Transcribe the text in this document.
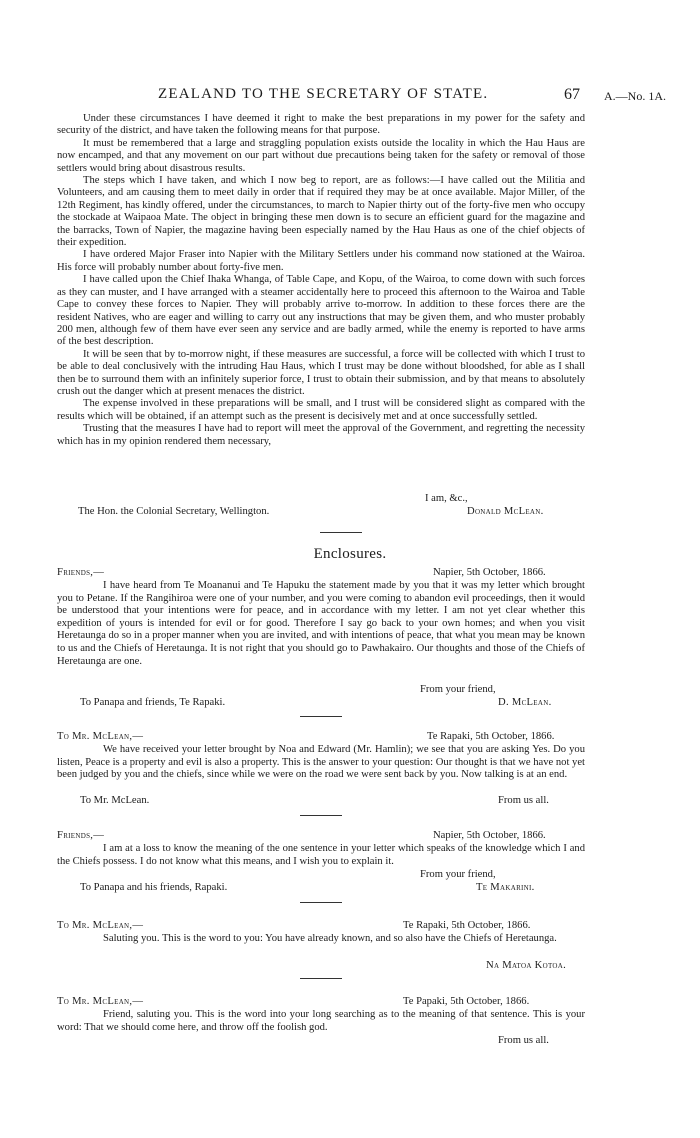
ZEALAND TO THE SECRETARY OF STATE.	67 A.—No. 1A.

Under these circumstances I have deemed it right to make the best preparations in my power for the safety and security of the district, and have taken the following means for that purpose.

It must be remembered that a large and straggling population exists outside the locality in which the Hau Haus are now encamped, and that any movement on our part without due precautions being taken for the safety or removal of those settlers would bring about disastrous results.

The steps which I have taken, and which I now beg to report, are as follows:—I have called out the Militia and Volunteers, and am causing them to meet daily in order that if required they may be at once available. Major Miller, of the 12th Regiment, has kindly offered, under the circumstances, to march to Napier thirty out of the forty-five men who occupy the stockade at Waipaoa Mate. The object in bringing these men down is to secure an efficient guard for the magazine and the barracks, Town of Napier, the magazine having been especially named by the Hau Haus as one of the chief objects of their expedition.

I have ordered Major Fraser into Napier with the Military Settlers under his command now stationed at the Wairoa. His force will probably number about forty-five men.

I have called upon the Chief Ihaka Whanga, of Table Cape, and Kopu, of the Wairoa, to come down with such forces as they can muster, and I have arranged with a steamer accidentally here to proceed this afternoon to the Wairoa and Table Cape to convey these forces to Napier. They will probably arrive to-morrow. In addition to these forces there are the resident Natives, who are eager and willing to carry out any instructions that may be given them, and who muster probably 200 men, although few of them have ever seen any service and are badly armed, while the enemy is reported to have arms of the best description.

It will be seen that by to-morrow night, if these measures are successful, a force will be collected with which I trust to be able to deal conclusively with the intruding Hau Haus, which I trust may be done without bloodshed, for able as I shall then be to surround them with an infinitely superior force, I trust to obtain their submission, and by that means to absolutely crush out the danger which at present menaces the district.

The expense involved in these preparations will be small, and I trust will be considered slight as compared with the results which will be obtained, if an attempt such as the present is decisively met and at once successfully settled.

Trusting that the measures I have had to report will meet the approval of the Government, and regretting the necessity which has in my opinion rendered them necessary,

I am, &c.,
The Hon. the Colonial Secretary, Wellington.	Donald McLean.
Enclosures.
Friends,—	Napier, 5th October, 1866.

I have heard from Te Moananui and Te Hapuku the statement made by you that it was my letter which brought you to Petane. If the Rangihiroa were one of your number, and you were coming to abandon evil proceedings, then it would be understood that your intentions were for peace, and in accordance with my letter. I am not yet clear whether this expedition of yours is intended for evil or for good. Therefore I say go back to your own homes; and when you visit Heretaunga do so in a proper manner when you are invited, and with intentions of peace, that what you mean may be known to us and the Chiefs of Heretaunga. It is not right that you should go to Pawhakairo. Our thoughts and those of the Chiefs of Heretaunga are one.

From your friend,
To Panapa and friends, Te Rapaki.	D. McLean.
To Mr. McLean,—	Te Rapaki, 5th October, 1866.

We have received your letter brought by Noa and Edward (Mr. Hamlin); we see that you are asking Yes. Do you listen, Peace is a property and evil is also a property. This is the answer to your question: Our thought is that we have not yet been judged by you and the chiefs, since while we were on the road we were sent back by you. Now talking is at an end.

To Mr. McLean.	From us all.
Friends,—	Napier, 5th October, 1866.

I am at a loss to know the meaning of the one sentence in your letter which speaks of the knowledge which I and the Chiefs possess. I do not know what this means, and I wish you to explain it.

From your friend,
To Panapa and his friends, Rapaki.	Te Makarini.
To Mr. McLean,—	Te Rapaki, 5th October, 1866.

Saluting you. This is the word to you: You have already known, and so also have the Chiefs of Heretaunga.

Na Matoa Kotoa.
To Mr. McLean,—	Te Papaki, 5th October, 1866.

Friend, saluting you. This is the word into your long searching as to the meaning of that sentence. This is your word: That we should come here, and throw off the foolish god.

From us all.
